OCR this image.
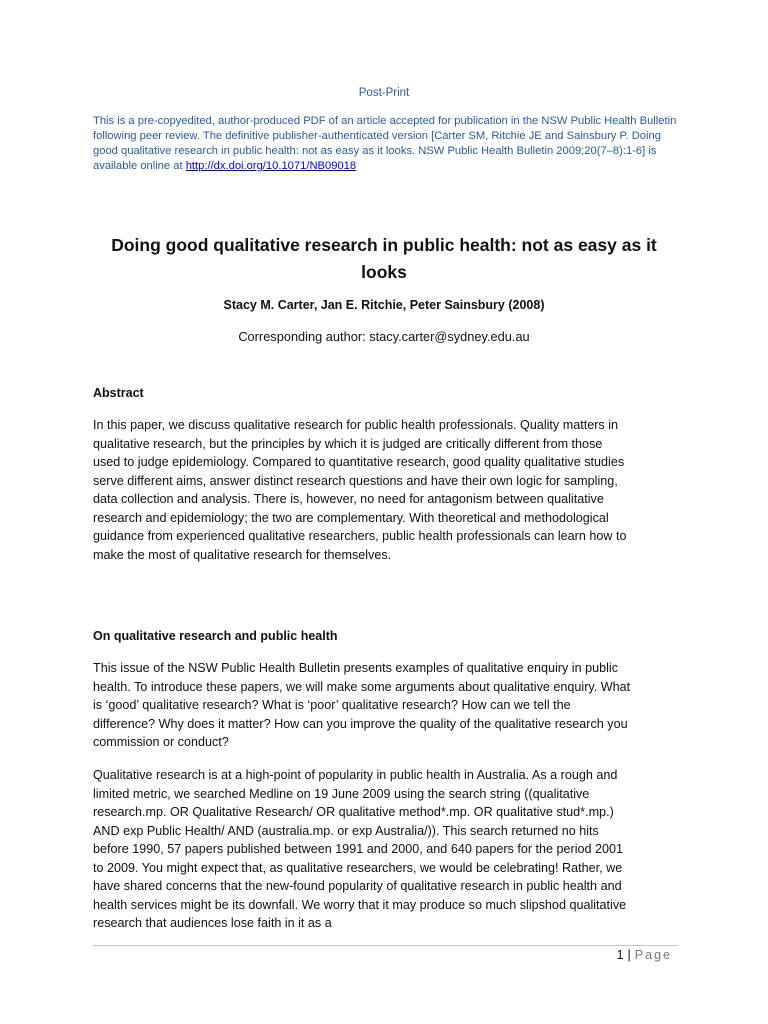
Post-Print
This is a pre-copyedited, author-produced PDF of an article accepted for publication in the NSW Public Health Bulletin following peer review. The definitive publisher-authenticated version [Carter SM, Ritchie JE and Sainsbury P. Doing good qualitative research in public health: not as easy as it looks. NSW Public Health Bulletin 2009;20(7–8):1-6] is available online at http://dx.doi.org/10.1071/NB09018
Doing good qualitative research in public health: not as easy as it looks
Stacy M. Carter, Jan E. Ritchie, Peter Sainsbury (2008)
Corresponding author: stacy.carter@sydney.edu.au
Abstract

In this paper, we discuss qualitative research for public health professionals. Quality matters in qualitative research, but the principles by which it is judged are critically different from those used to judge epidemiology. Compared to quantitative research, good quality qualitative studies serve different aims, answer distinct research questions and have their own logic for sampling, data collection and analysis. There is, however, no need for antagonism between qualitative research and epidemiology; the two are complementary. With theoretical and methodological guidance from experienced qualitative researchers, public health professionals can learn how to make the most of qualitative research for themselves.

On qualitative research and public health

This issue of the NSW Public Health Bulletin presents examples of qualitative enquiry in public health. To introduce these papers, we will make some arguments about qualitative enquiry. What is ‘good’ qualitative research? What is ‘poor’ qualitative research? How can we tell the difference? Why does it matter? How can you improve the quality of the qualitative research you commission or conduct?

Qualitative research is at a high-point of popularity in public health in Australia. As a rough and limited metric, we searched Medline on 19 June 2009 using the search string ((qualitative research.mp. OR Qualitative Research/ OR qualitative method*.mp. OR qualitative stud*.mp.) AND exp Public Health/ AND (australia.mp. or exp Australia/)). This search returned no hits before 1990, 57 papers published between 1991 and 2000, and 640 papers for the period 2001 to 2009. You might expect that, as qualitative researchers, we would be celebrating! Rather, we have shared concerns that the new-found popularity of qualitative research in public health and health services might be its downfall. We worry that it may produce so much slipshod qualitative research that audiences lose faith in it as a

1 | Page
